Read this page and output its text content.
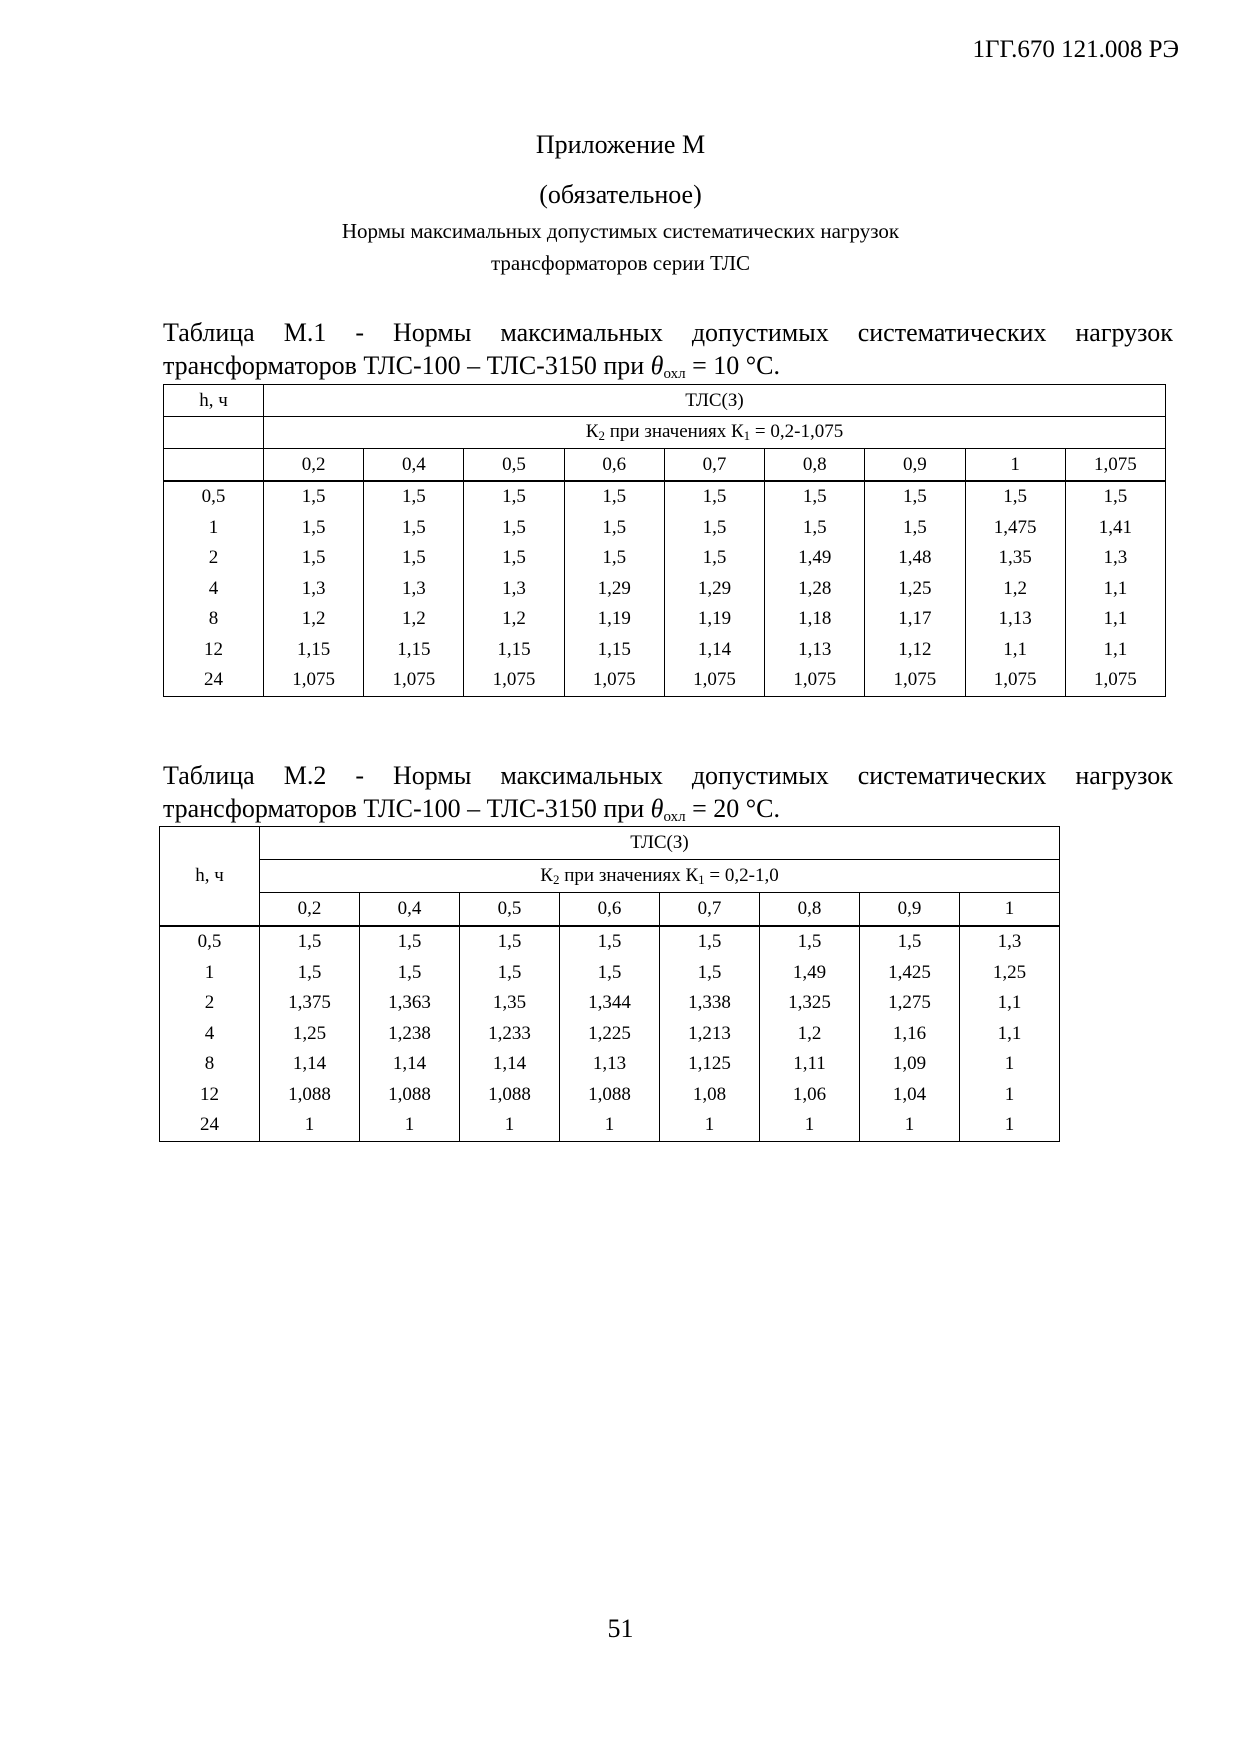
1ГГ.670 121.008 РЭ
Приложение М
(обязательное)
Нормы максимальных допустимых систематических нагрузок
трансформаторов серии ТЛС
Таблица М.1 - Нормы максимальных допустимых систематических нагрузок
трансформаторов ТЛС-100 – ТЛС-3150 при $\theta_{охл} = 10$ °С.
h, ч	ТЛС(З)								
	К2 при значениях К1 = 0,2-1,075								
	0,2	0,4	0,5	0,6	0,7	0,8	0,9	1	1,075
0,5	1,5	1,5	1,5	1,5	1,5	1,5	1,5	1,5	1,5
1	1,5	1,5	1,5	1,5	1,5	1,5	1,5	1,475	1,41
2	1,5	1,5	1,5	1,5	1,5	1,49	1,48	1,35	1,3
4	1,3	1,3	1,3	1,29	1,29	1,28	1,25	1,2	1,1
8	1,2	1,2	1,2	1,19	1,19	1,18	1,17	1,13	1,1
12	1,15	1,15	1,15	1,15	1,14	1,13	1,12	1,1	1,1
24	1,075	1,075	1,075	1,075	1,075	1,075	1,075	1,075	1,075
Таблица М.2 - Нормы максимальных допустимых систематических нагрузок
трансформаторов ТЛС-100 – ТЛС-3150 при $\theta_{охл} = 20$ °С.
h, ч	ТЛС(З)							
	К2 при значениях К1 = 0,2-1,0							
	0,2	0,4	0,5	0,6	0,7	0,8	0,9	1
0,5	1,5	1,5	1,5	1,5	1,5	1,5	1,5	1,3
1	1,5	1,5	1,5	1,5	1,5	1,49	1,425	1,25
2	1,375	1,363	1,35	1,344	1,338	1,325	1,275	1,1
4	1,25	1,238	1,233	1,225	1,213	1,2	1,16	1,1
8	1,14	1,14	1,14	1,13	1,125	1,11	1,09	1
12	1,088	1,088	1,088	1,088	1,08	1,06	1,04	1
24	1	1	1	1	1	1	1	1
51
